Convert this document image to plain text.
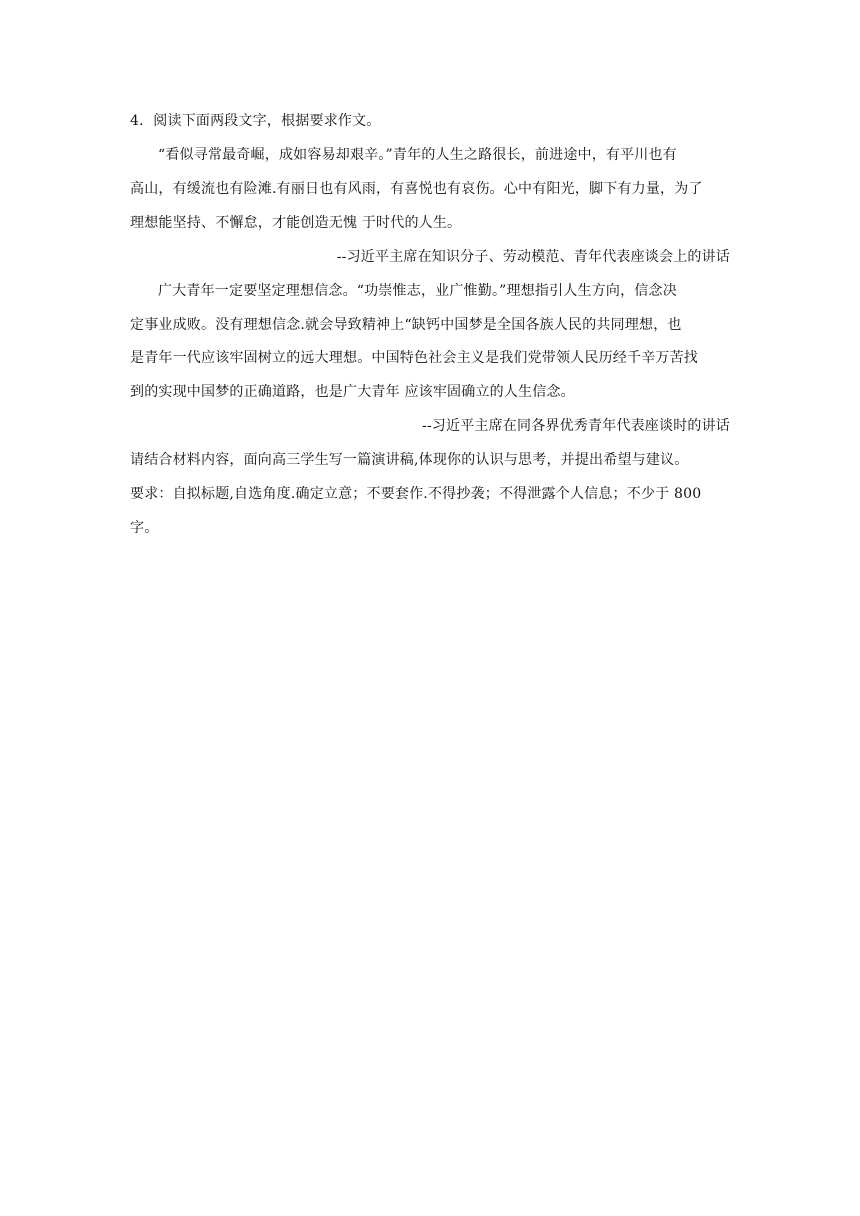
4．阅读下面两段文字，根据要求作文。
“看似寻常最奇崛，成如容易却艰辛。”青年的人生之路很长，前进途中，有平川也有
高山，有缓流也有险滩.有丽日也有风雨，有喜悦也有哀伤。心中有阳光，脚下有力量，为了
理想能坚持、不懈怠，才能创造无愧 于时代的人生。
--习近平主席在知识分子、劳动模范、青年代表座谈会上的讲话
广大青年一定要坚定理想信念。“功崇惟志，业广惟勤。”理想指引人生方向，信念决
定事业成败。没有理想信念.就会导致精神上“缺钙中国梦是全国各族人民的共同理想，也
是青年一代应该牢固树立的远大理想。中国特色社会主义是我们党带领人民历经千辛万苦找
到的实现中国梦的正确道路，也是广大青年 应该牢固确立的人生信念。
--习近平主席在同各界优秀青年代表座谈时的讲话
请结合材料内容，面向高三学生写一篇演讲稿,体现你的认识与思考，并提出希望与建议。
要求：自拟标题,自选角度.确定立意；不要套作.不得抄袭；不得泄露个人信息；不少于 800
字。
